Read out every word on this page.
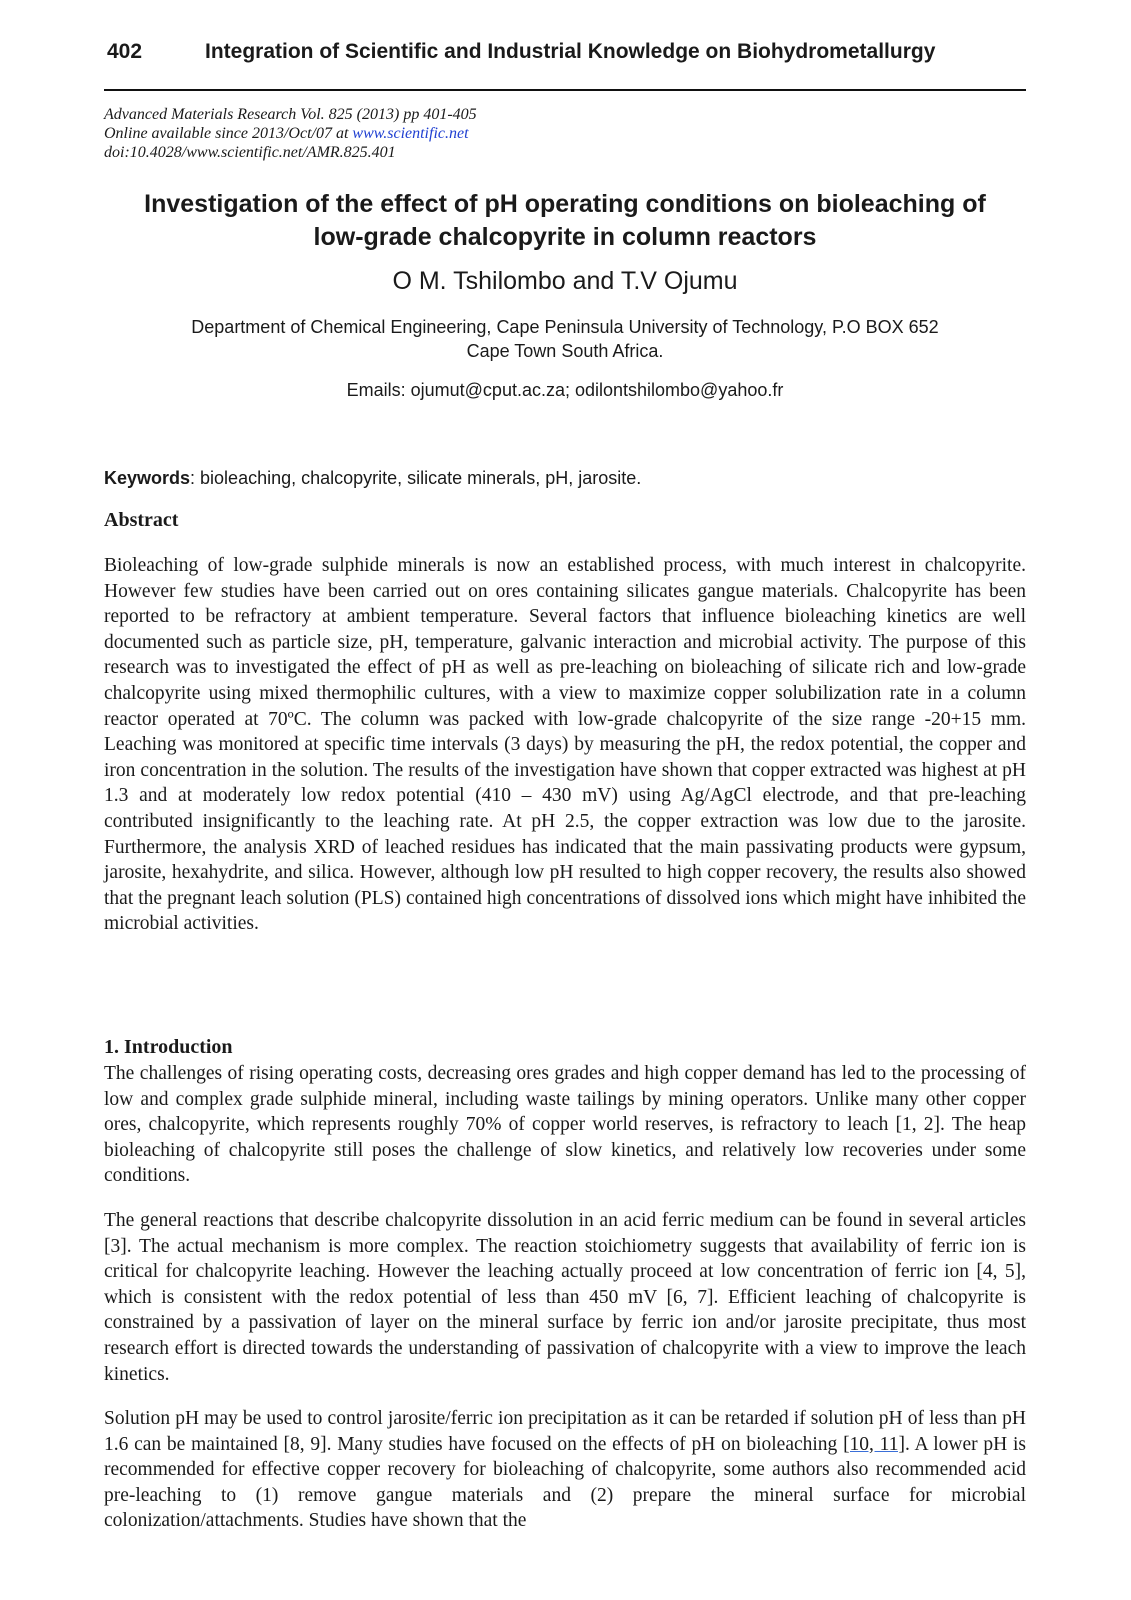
402	Integration of Scientific and Industrial Knowledge on Biohydrometallurgy
Advanced Materials Research Vol. 825 (2013) pp 401-405
Online available since 2013/Oct/07 at www.scientific.net
doi:10.4028/www.scientific.net/AMR.825.401
Investigation of the effect of pH operating conditions on bioleaching of
low-grade chalcopyrite in column reactors
O M. Tshilombo and T.V Ojumu
Department of Chemical Engineering, Cape Peninsula University of Technology, P.O BOX 652
Cape Town South Africa.
Emails: ojumut@cput.ac.za; odilontshilombo@yahoo.fr
Keywords: bioleaching, chalcopyrite, silicate minerals, pH, jarosite.
Abstract

Bioleaching of low-grade sulphide minerals is now an established process, with much interest in chalcopyrite. However few studies have been carried out on ores containing silicates gangue materials. Chalcopyrite has been reported to be refractory at ambient temperature. Several factors that influence bioleaching kinetics are well documented such as particle size, pH, temperature, galvanic interaction and microbial activity. The purpose of this research was to investigated the effect of pH as well as pre-leaching on bioleaching of silicate rich and low-grade chalcopyrite using mixed thermophilic cultures, with a view to maximize copper solubilization rate in a column reactor operated at 70ºC. The column was packed with low-grade chalcopyrite of the size range -20+15 mm. Leaching was monitored at specific time intervals (3 days) by measuring the pH, the redox potential, the copper and iron concentration in the solution. The results of the investigation have shown that copper extracted was highest at pH 1.3 and at moderately low redox potential (410 – 430 mV) using Ag/AgCl electrode, and that pre-leaching contributed insignificantly to the leaching rate. At pH 2.5, the copper extraction was low due to the jarosite. Furthermore, the analysis XRD of leached residues has indicated that the main passivating products were gypsum, jarosite, hexahydrite, and silica. However, although low pH resulted to high copper recovery, the results also showed that the pregnant leach solution (PLS) contained high concentrations of dissolved ions which might have inhibited the microbial activities.

1. Introduction

The challenges of rising operating costs, decreasing ores grades and high copper demand has led to the processing of low and complex grade sulphide mineral, including waste tailings by mining operators. Unlike many other copper ores, chalcopyrite, which represents roughly 70% of copper world reserves, is refractory to leach [1, 2]. The heap bioleaching of chalcopyrite still poses the challenge of slow kinetics, and relatively low recoveries under some conditions.

The general reactions that describe chalcopyrite dissolution in an acid ferric medium can be found in several articles [3]. The actual mechanism is more complex. The reaction stoichiometry suggests that availability of ferric ion is critical for chalcopyrite leaching. However the leaching actually proceed at low concentration of ferric ion [4, 5], which is consistent with the redox potential of less than 450 mV [6, 7]. Efficient leaching of chalcopyrite is constrained by a passivation of layer on the mineral surface by ferric ion and/or jarosite precipitate, thus most research effort is directed towards the understanding of passivation of chalcopyrite with a view to improve the leach kinetics.

Solution pH may be used to control jarosite/ferric ion precipitation as it can be retarded if solution pH of less than pH 1.6 can be maintained [8, 9]. Many studies have focused on the effects of pH on bioleaching [10, 11]. A lower pH is recommended for effective copper recovery for bioleaching of chalcopyrite, some authors also recommended acid pre-leaching to (1) remove gangue materials and (2) prepare the mineral surface for microbial colonization/attachments. Studies have shown that the
